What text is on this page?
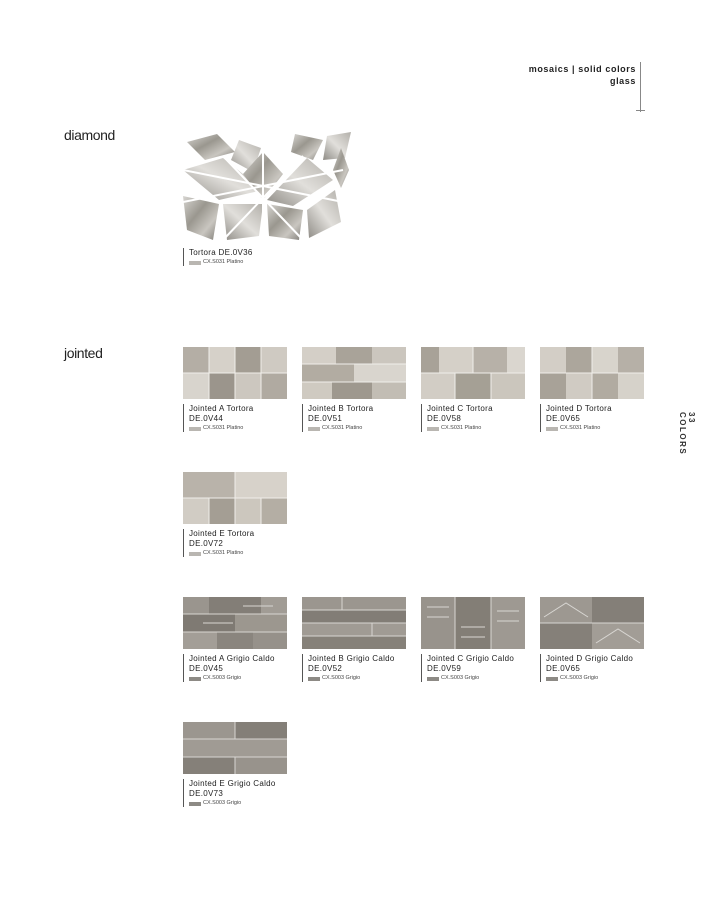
mosaics | solid colors
glass
33 COLORS
diamond
jointed
Tortora DE.0V36
CX.S031 Platino
Jointed A Tortora
DE.0V44
CX.S031 Platino
Jointed B Tortora
DE.0V51
CX.S031 Platino
Jointed C Tortora
DE.0V58
CX.S031 Platino
Jointed D Tortora
DE.0V65
CX.S031 Platino
Jointed E Tortora
DE.0V72
CX.S031 Platino
Jointed A Grigio Caldo
DE.0V45
CX.S003 Grigio
Jointed B Grigio Caldo
DE.0V52
CX.S003 Grigio
Jointed C Grigio Caldo
DE.0V59
CX.S003 Grigio
Jointed D Grigio Caldo
DE.0V65
CX.S003 Grigio
Jointed E Grigio Caldo
DE.0V73
CX.S003 Grigio
